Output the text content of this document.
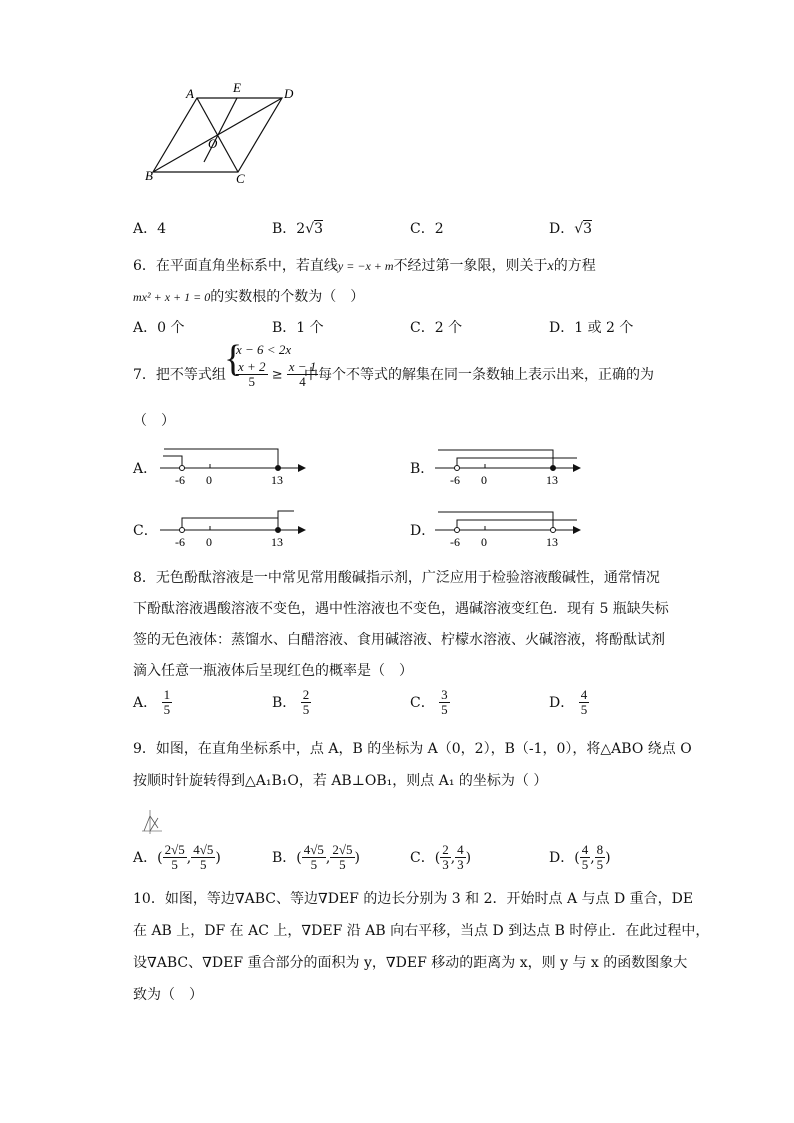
A	E	D
O
B	C
A．4	B．2√3	C．2	D．√3
6．在平面直角坐标系中，若直线y = −x + m不经过第一象限，则关于x的方程
mx² + x + 1 = 0的实数根的个数为（　）
A．0 个	B．1 个	C．2 个	D．1 或 2 个
7．把不等式组
{
x − 6 < 2x
$\frac{x + 2}{5} \ge \frac{x - 1}{4}$
中每个不等式的解集在同一条数轴上表示出来，正确的为
（　）
A．
-6 0	13
B．
-6 0	13
C．
-6 0	13
D．
-6 0	13
8．无色酚酞溶液是一中常见常用酸碱指示剂，广泛应用于检验溶液酸碱性，通常情况
下酚酞溶液遇酸溶液不变色，遇中性溶液也不变色，遇碱溶液变红色．现有 5 瓶缺失标
签的无色液体：蒸馏水、白醋溶液、食用碱溶液、柠檬水溶液、火碱溶液，将酚酞试剂
滴入任意一瓶液体后呈现红色的概率是（　）
A． $\frac{1}{5}$	B． $\frac{2}{5}$	C． $\frac{3}{5}$	D． $\frac{4}{5}$
9．如图，在直角坐标系中，点 A，B 的坐标为 A（0，2），B（-1，0），将△ABO 绕点 O
按顺时针旋转得到△A₁B₁O，若 AB⊥OB₁，则点 A₁ 的坐标为（ ）
A．( $\frac{2√5}{5}$ , $\frac{4√5}{5}$ )	B．( $\frac{4√5}{5}$ , $\frac{2√5}{5}$ )	C．( $\frac{2}{3}$ , $\frac{4}{3}$ )	D．( $\frac{4}{5}$ , $\frac{8}{5}$ )
10．如图，等边∇ABC、等边∇DEF 的边长分别为 3 和 2．开始时点 A 与点 D 重合，DE
在 AB 上，DF 在 AC 上，∇DEF 沿 AB 向右平移，当点 D 到达点 B 时停止．在此过程中，
设∇ABC、∇DEF 重合部分的面积为 y，∇DEF 移动的距离为 x，则 y 与 x 的函数图象大
致为（　）
